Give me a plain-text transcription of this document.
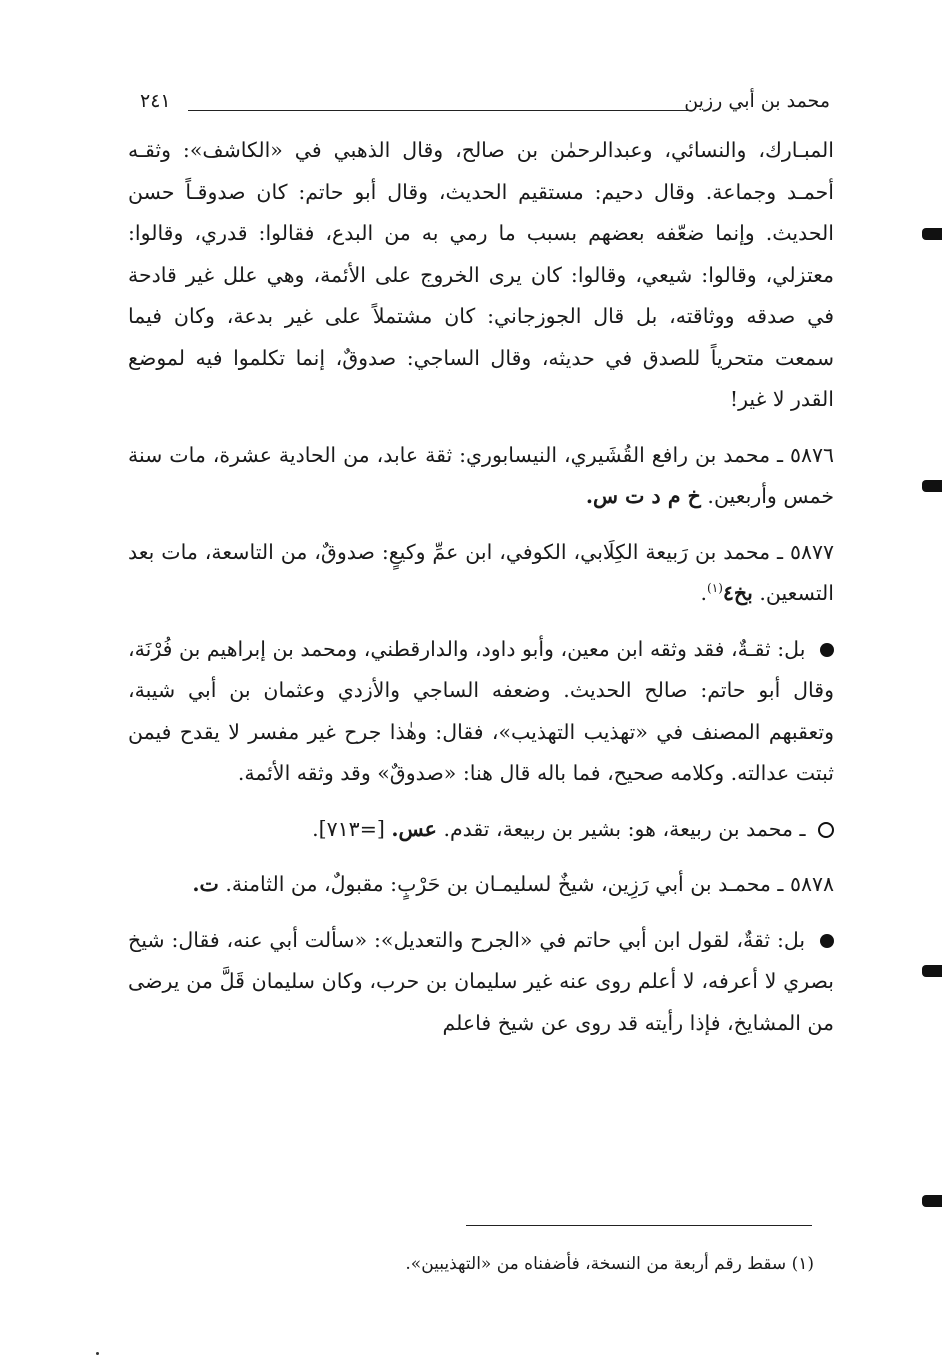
محمد بن أبي رزين
٢٤١

المبـارك، والنسائي، وعبدالرحمٰن بن صالح، وقال الذهبي في «الكاشف»: وثقـه أحمـد وجماعة. وقال دحيم: مستقيم الحديث، وقال أبو حاتم: كان صدوقـاً حسن الحديث. وإنما ضعّفه بعضهم بسبب ما رمي به من البدع، فقالوا: قدري، وقالوا: معتزلي، وقالوا: شيعي، وقالوا: كان يرى الخروج على الأئمة، وهي علل غير قادحة في صدقه ووثاقته، بل قال الجوزجاني: كان مشتملاً على غير بدعة، وكان فيما سمعت متحرياً للصدق في حديثه، وقال الساجي: صدوقٌ، إنما تكلموا فيه لموضع القدر لا غير!

٥٨٧٦ ـ محمد بن رافع القُشَيري، النيسابوري: ثقة عابد، من الحادية عشرة، مات سنة خمس وأربعين. خ م د ت س.

٥٨٧٧ ـ محمد بن رَبيعة الكِلَابي، الكوفي، ابن عمِّ وكيعٍ: صدوقٌ، من التاسعة، مات بعد التسعين. بخ٤$^{(١)}$.

بل: ثقـةٌ، فقد وثقه ابن معين، وأبو داود، والدارقطني، ومحمد بن إبراهيم بن فُرْنَة، وقال أبو حاتم: صالح الحديث. وضعفه الساجي والأزدي وعثمان بن أبي شيبة، وتعقبهم المصنف في «تهذيب التهذيب»، فقال: وهٰذا جرح غير مفسر لا يقدح فيمن ثبتت عدالته. وكلامه صحيح، فما باله قال هنا: «صدوقٌ» وقد وثقه الأئمة.

ـ محمد بن ربيعة، هو: بشير بن ربيعة، تقدم. عس. [=٧١٣].

٥٨٧٨ ـ محمـد بن أبي رَزِين، شيخٌ لسليمـان بن حَرْبٍ: مقبولٌ، من الثامنة. ت.

بل: ثقةٌ، لقول ابن أبي حاتم في «الجرح والتعديل»: «سألت أبي عنه، فقال: شيخ بصري لا أعرفه، لا أعلم روى عنه غير سليمان بن حرب، وكان سليمان قَلَّ من يرضى من المشايخ، فإذا رأيته قد روى عن شيخ فاعلم

(١) سقط رقم أربعة من النسخة، فأضفناه من «التهذيبين».
